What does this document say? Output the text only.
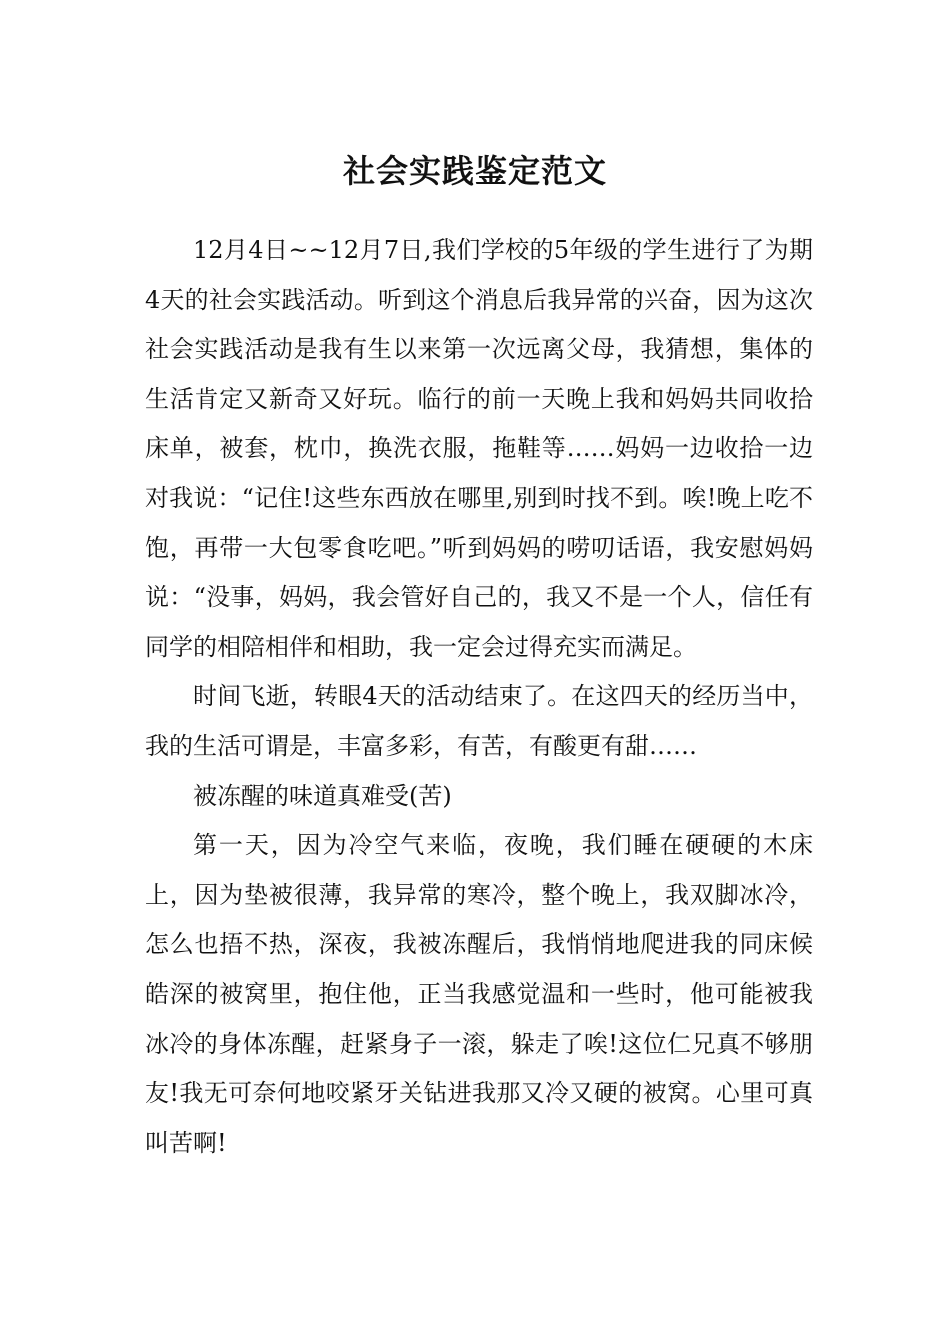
社会实践鉴定范文

12月4日~~12月7日,我们学校的5年级的学生进行了为期4天的社会实践活动。听到这个消息后我异常的兴奋，因为这次社会实践活动是我有生以来第一次远离父母，我猜想，集体的生活肯定又新奇又好玩。临行的前一天晚上我和妈妈共同收拾床单，被套，枕巾，换洗衣服，拖鞋等……妈妈一边收拾一边对我说：“记住!这些东西放在哪里,别到时找不到。唉!晚上吃不饱，再带一大包零食吃吧。”听到妈妈的唠叨话语，我安慰妈妈说：“没事，妈妈，我会管好自己的，我又不是一个人，信任有同学的相陪相伴和相助，我一定会过得充实而满足。

时间飞逝，转眼4天的活动结束了。在这四天的经历当中，我的生活可谓是，丰富多彩，有苦，有酸更有甜……

被冻醒的味道真难受(苦)

第一天，因为冷空气来临，夜晚，我们睡在硬硬的木床上，因为垫被很薄，我异常的寒冷，整个晚上，我双脚冰冷，怎么也捂不热，深夜，我被冻醒后，我悄悄地爬进我的同床候皓深的被窝里，抱住他，正当我感觉温和一些时，他可能被我冰冷的身体冻醒，赶紧身子一滚，躲走了唉!这位仁兄真不够朋友!我无可奈何地咬紧牙关钻进我那又冷又硬的被窝。心里可真叫苦啊!
